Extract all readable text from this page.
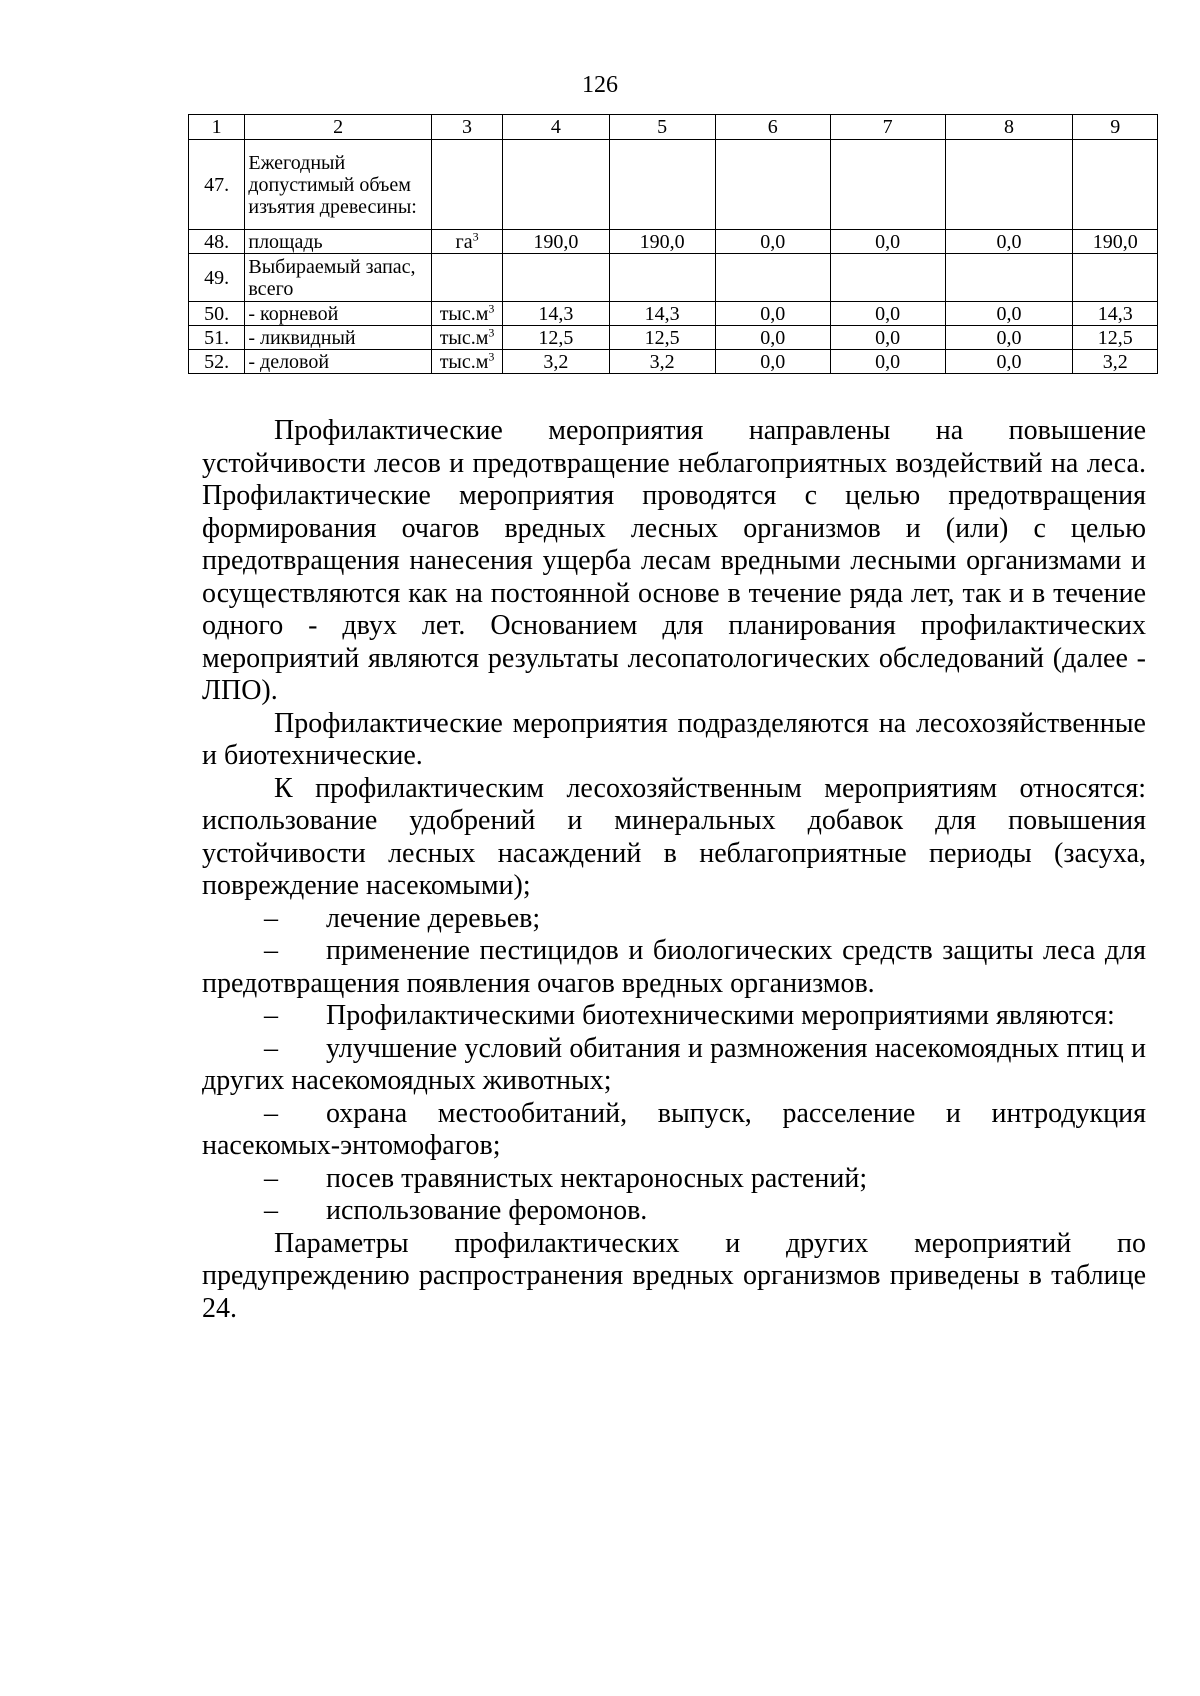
126
1	2	3	4	5	6	7	8	9
47.	Ежегодный допустимый объем изъятия древесины:							
48.	площадь	$га^3$	190,0	190,0	0,0	0,0	0,0	190,0
49.	Выбираемый запас, всего							
50.	- корневой	$тыс.м^3$	14,3	14,3	0,0	0,0	0,0	14,3
51.	- ликвидный	$тыс.м^3$	12,5	12,5	0,0	0,0	0,0	12,5
52.	- деловой	$тыс.м^3$	3,2	3,2	0,0	0,0	0,0	3,2

Профилактические мероприятия направлены на повышение устойчивости лесов и предотвращение неблагоприятных воздействий на леса. Профилактические мероприятия проводятся с целью предотвращения формирования очагов вредных лесных организмов и (или) с целью предотвращения нанесения ущерба лесам вредными лесными организмами и осуществляются как на постоянной основе в течение ряда лет, так и в течение одного - двух лет. Основанием для планирования профилактических мероприятий являются результаты лесопатологических обследований (далее - ЛПО).

Профилактические мероприятия подразделяются на лесохозяйственные и биотехнические.

К профилактическим лесохозяйственным мероприятиям относятся: использование удобрений и минеральных добавок для повышения устойчивости лесных насаждений в неблагоприятные периоды (засуха, повреждение насекомыми);

– лечение деревьев;

– применение пестицидов и биологических средств защиты леса для предотвращения появления очагов вредных организмов.

– Профилактическими биотехническими мероприятиями являются:

– улучшение условий обитания и размножения насекомоядных птиц и других насекомоядных животных;

– охрана местообитаний, выпуск, расселение и интродукция насекомых-энтомофагов;

– посев травянистых нектароносных растений;

– использование феромонов.

Параметры профилактических и других мероприятий по предупреждению распространения вредных организмов приведены в таблице 24.
